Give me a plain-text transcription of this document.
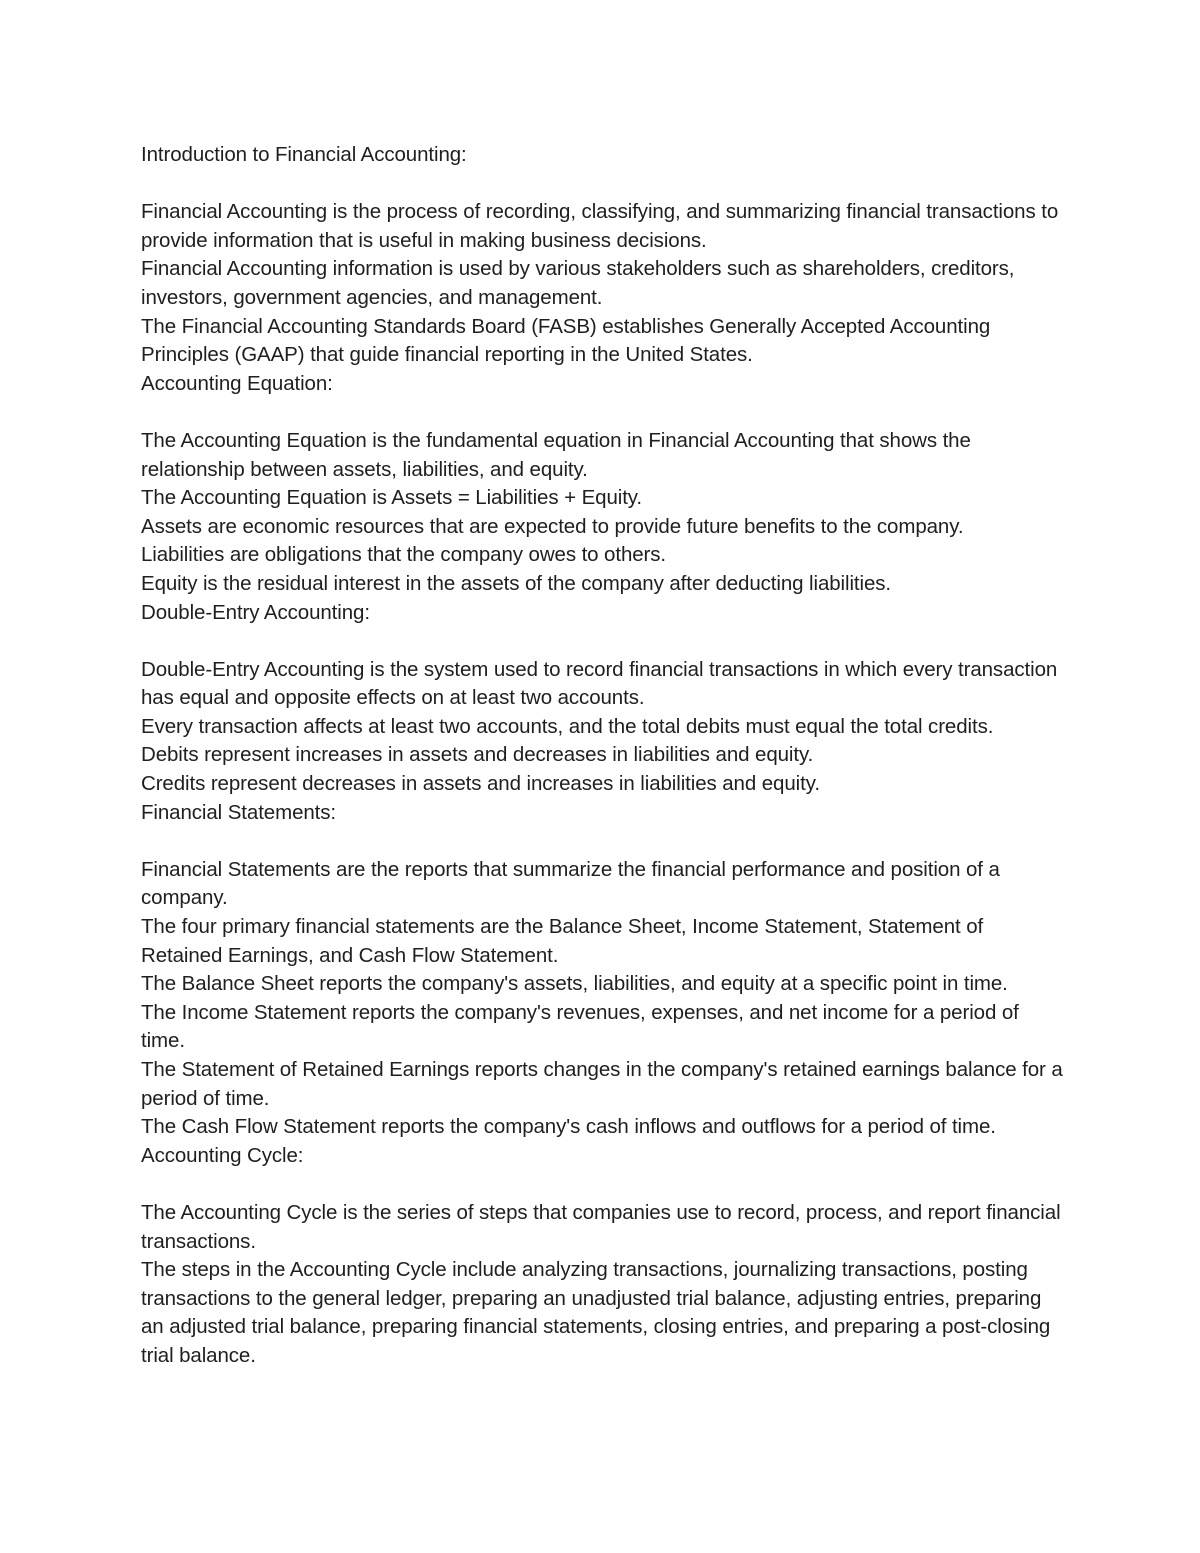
Introduction to Financial Accounting:

Financial Accounting is the process of recording, classifying, and summarizing financial transactions to provide information that is useful in making business decisions.

Financial Accounting information is used by various stakeholders such as shareholders, creditors, investors, government agencies, and management.

The Financial Accounting Standards Board (FASB) establishes Generally Accepted Accounting Principles (GAAP) that guide financial reporting in the United States.

Accounting Equation:

The Accounting Equation is the fundamental equation in Financial Accounting that shows the relationship between assets, liabilities, and equity.

The Accounting Equation is Assets = Liabilities + Equity.

Assets are economic resources that are expected to provide future benefits to the company.

Liabilities are obligations that the company owes to others.

Equity is the residual interest in the assets of the company after deducting liabilities.

Double-Entry Accounting:

Double-Entry Accounting is the system used to record financial transactions in which every transaction has equal and opposite effects on at least two accounts.

Every transaction affects at least two accounts, and the total debits must equal the total credits.

Debits represent increases in assets and decreases in liabilities and equity.

Credits represent decreases in assets and increases in liabilities and equity.

Financial Statements:

Financial Statements are the reports that summarize the financial performance and position of a company.

The four primary financial statements are the Balance Sheet, Income Statement, Statement of Retained Earnings, and Cash Flow Statement.

The Balance Sheet reports the company's assets, liabilities, and equity at a specific point in time.

The Income Statement reports the company's revenues, expenses, and net income for a period of time.

The Statement of Retained Earnings reports changes in the company's retained earnings balance for a period of time.

The Cash Flow Statement reports the company's cash inflows and outflows for a period of time.

Accounting Cycle:

The Accounting Cycle is the series of steps that companies use to record, process, and report financial transactions.

The steps in the Accounting Cycle include analyzing transactions, journalizing transactions, posting transactions to the general ledger, preparing an unadjusted trial balance, adjusting entries, preparing an adjusted trial balance, preparing financial statements, closing entries, and preparing a post-closing trial balance.
